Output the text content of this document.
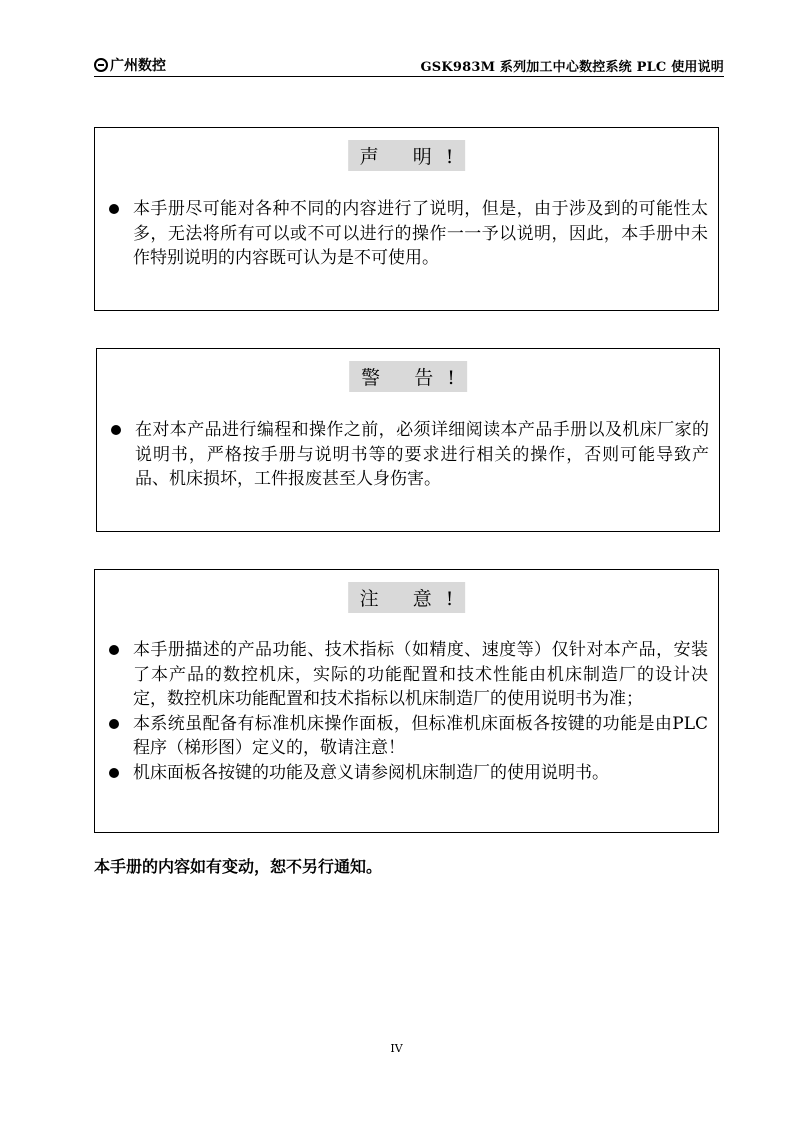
广州数控	GSK983M 系列加工中心数控系统 PLC 使用说明
声 明!
本手册尽可能对各种不同的内容进行了说明，但是，由于涉及到的可能性太多，无法将所有可以或不可以进行的操作一一予以说明，因此，本手册中未作特别说明的内容既可认为是不可使用。
警 告!
在对本产品进行编程和操作之前，必须详细阅读本产品手册以及机床厂家的说明书，严格按手册与说明书等的要求进行相关的操作，否则可能导致产品、机床损坏，工件报废甚至人身伤害。
注 意!
本手册描述的产品功能、技术指标（如精度、速度等）仅针对本产品，安装了本产品的数控机床，实际的功能配置和技术性能由机床制造厂的设计决定，数控机床功能配置和技术指标以机床制造厂的使用说明书为准；
本系统虽配备有标准机床操作面板，但标准机床面板各按键的功能是由PLC 程序（梯形图）定义的，敬请注意！
机床面板各按键的功能及意义请参阅机床制造厂的使用说明书。
本手册的内容如有变动，恕不另行通知。
IV
